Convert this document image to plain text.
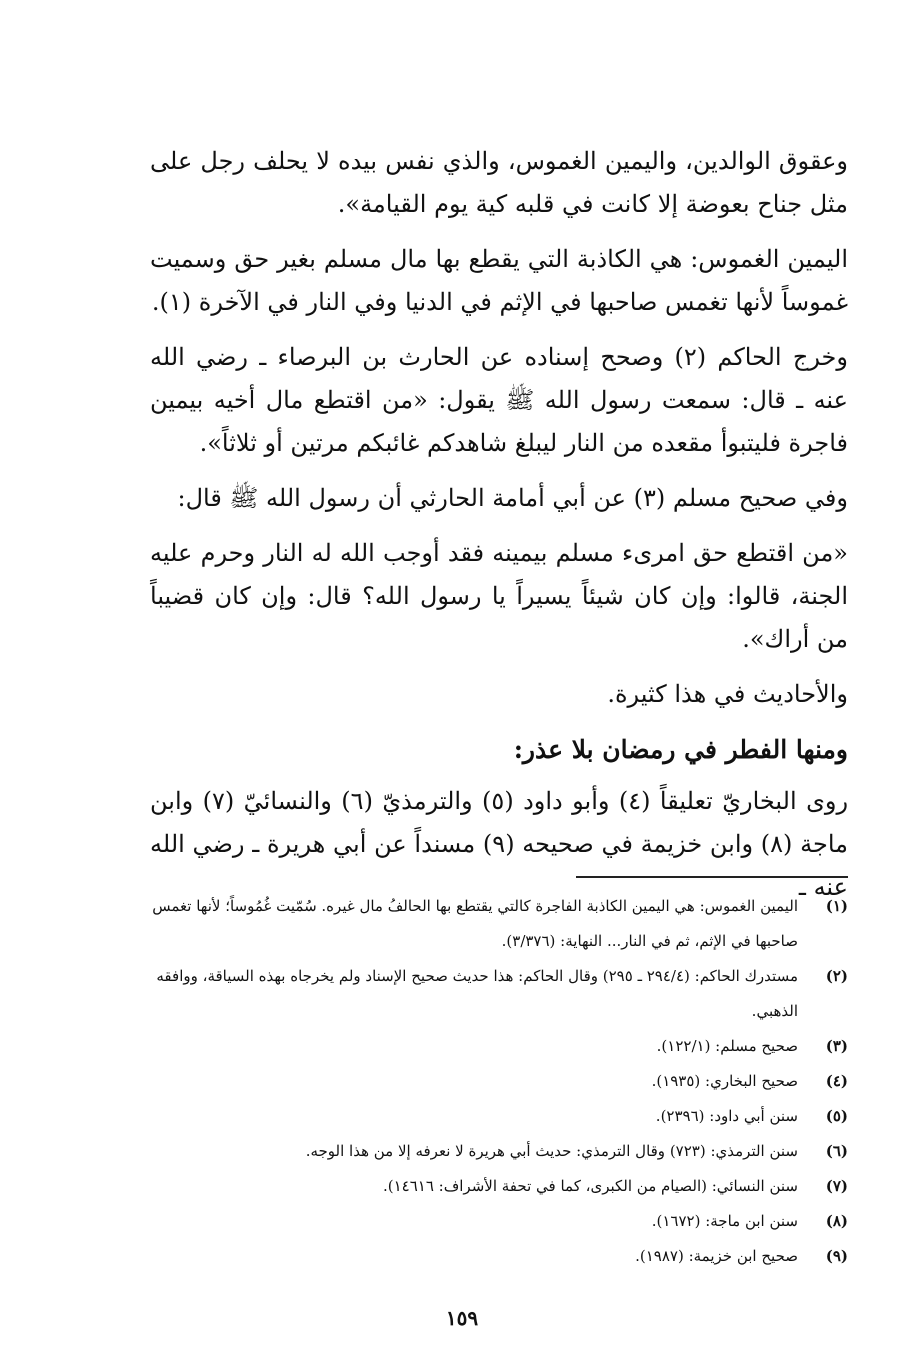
وعقوق الوالدين، واليمين الغموس، والذي نفس بيده لا يحلف رجل على مثل جناح بعوضة إلا كانت في قلبه كية يوم القيامة».

اليمين الغموس: هي الكاذبة التي يقطع بها مال مسلم بغير حق وسميت غموساً لأنها تغمس صاحبها في الإثم في الدنيا وفي النار في الآخرة (١).

وخرج الحاكم (٢) وصحح إسناده عن الحارث بن البرصاء ـ رضي الله عنه ـ قال: سمعت رسول الله ﷺ يقول: «من اقتطع مال أخيه بيمين فاجرة فليتبوأ مقعده من النار ليبلغ شاهدكم غائبكم مرتين أو ثلاثاً».

وفي صحيح مسلم (٣) عن أبي أمامة الحارثي أن رسول الله ﷺ قال:

«من اقتطع حق امرىء مسلم بيمينه فقد أوجب الله له النار وحرم عليه الجنة، قالوا: وإن كان شيئاً يسيراً يا رسول الله؟ قال: وإن كان قضيباً من أراك».

والأحاديث في هذا كثيرة.

ومنها الفطر في رمضان بلا عذر:

روى البخاريّ تعليقاً (٤) وأبو داود (٥) والترمذيّ (٦) والنسائيّ (٧) وابن ماجة (٨) وابن خزيمة في صحيحه (٩) مسنداً عن أبي هريرة ـ رضي الله عنه ـ

(١)
اليمين الغموس: هي اليمين الكاذبة الفاجرة كالتي يقتطع بها الحالفُ مال غيره. سُمّيت غُمُوساً؛ لأنها تغمس صاحبها في الإثم، ثم في النار... النهاية: (٣/٣٧٦).
(٢)
مستدرك الحاكم: (٢٩٤/٤ ـ ٢٩٥) وقال الحاكم: هذا حديث صحيح الإسناد ولم يخرجاه بهذه السياقة، ووافقه الذهبي.
(٣)
صحيح مسلم: (١٢٢/١).
(٤)
صحيح البخاري: (١٩٣٥).
(٥)
سنن أبي داود: (٢٣٩٦).
(٦)
سنن الترمذي: (٧٢٣) وقال الترمذي: حديث أبي هريرة لا نعرفه إلا من هذا الوجه.
(٧)
سنن النسائي: (الصيام من الكبرى، كما في تحفة الأشراف: ١٤٦١٦).
(٨)
سنن ابن ماجة: (١٦٧٢).
(٩)
صحيح ابن خزيمة: (١٩٨٧).
١٥٩
